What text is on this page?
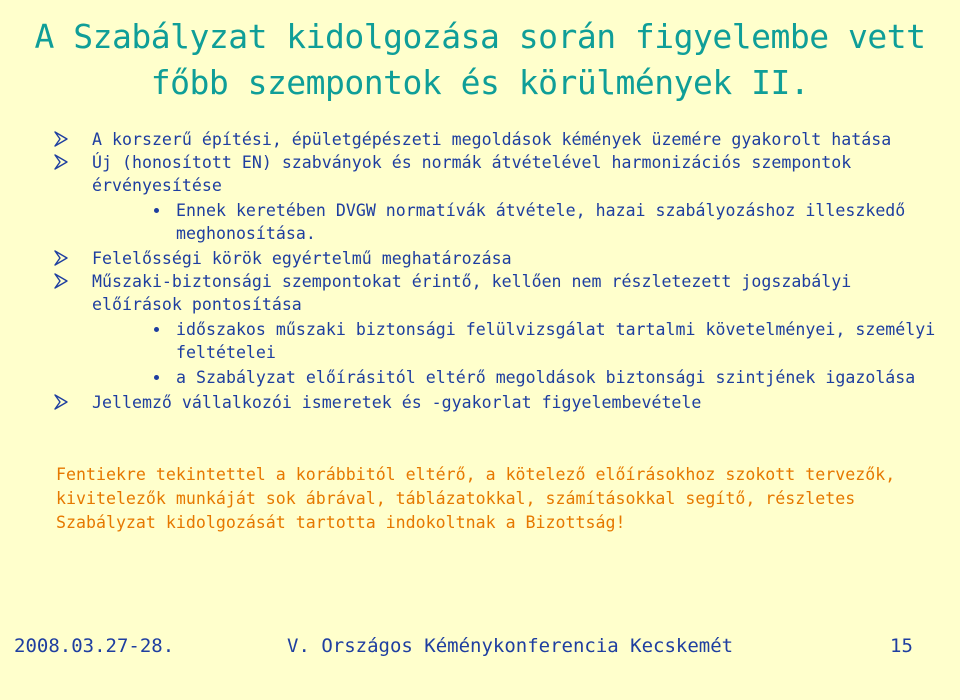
A Szabályzat kidolgozása során figyelembe vett
főbb szempontok és körülmények II.
A korszerű építési, épületgépészeti megoldások kémények üzemére gyakorolt hatása
Új (honosított EN) szabványok és normák átvételével harmonizációs szempontok érvényesítése
Ennek keretében DVGW normatívák átvétele, hazai szabályozáshoz illeszkedő meghonosítása.
Felelősségi körök egyértelmű meghatározása
Műszaki-biztonsági szempontokat érintő, kellően nem részletezett jogszabályi előírások pontosítása
időszakos műszaki biztonsági felülvizsgálat tartalmi követelményei, személyi feltételei
a Szabályzat előírásitól eltérő megoldások biztonsági szintjének igazolása
Jellemző vállalkozói ismeretek és -gyakorlat figyelembevétele
Fentiekre tekintettel a korábbitól eltérő, a kötelező előírásokhoz szokott tervezők, kivitelezők munkáját sok ábrával, táblázatokkal, számításokkal segítő, részletes Szabályzat kidolgozását tartotta indokoltnak a Bizottság!
2008.03.27-28.	V. Országos Kéménykonferencia Kecskemét	15
